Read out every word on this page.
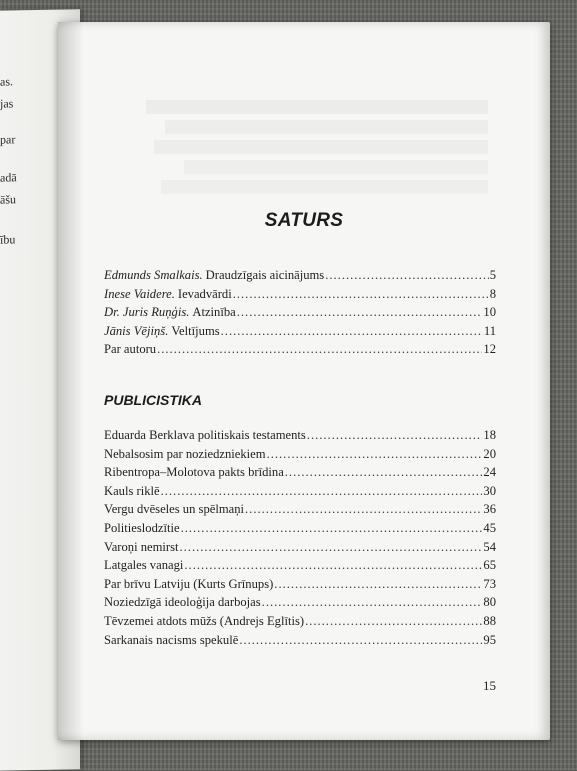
as.
jas
par
adā
āšu
ību
SATURS
Edmunds Smalkais. Draudzīgais aicinājums .....	5
Inese Vaidere. Ievadvārdi .....	8
Dr. Juris Ruņģis. Atzinība .....	10
Jānis Vējiņš. Veltījums .....	11
Par autoru .....	12
PUBLICISTIKA
Eduarda Berklava politiskais testaments .....	18
Nebalsosim par noziedzniekiem .....	20
Ribentropa–Molotova pakts brīdina .....	24
Kauls riklē .....	30
Vergu dvēseles un spēlmaņi .....	36
Politieslodzītie .....	45
Varoņi nemirst .....	54
Latgales vanagi .....	65
Par brīvu Latviju (Kurts Grīnups) .....	73
Noziedzīgā ideoloģija darbojas .....	80
Tēvzemei atdots mūžs (Andrejs Eglītis) .....	88
Sarkanais nacisms spekulē .....	95
15
